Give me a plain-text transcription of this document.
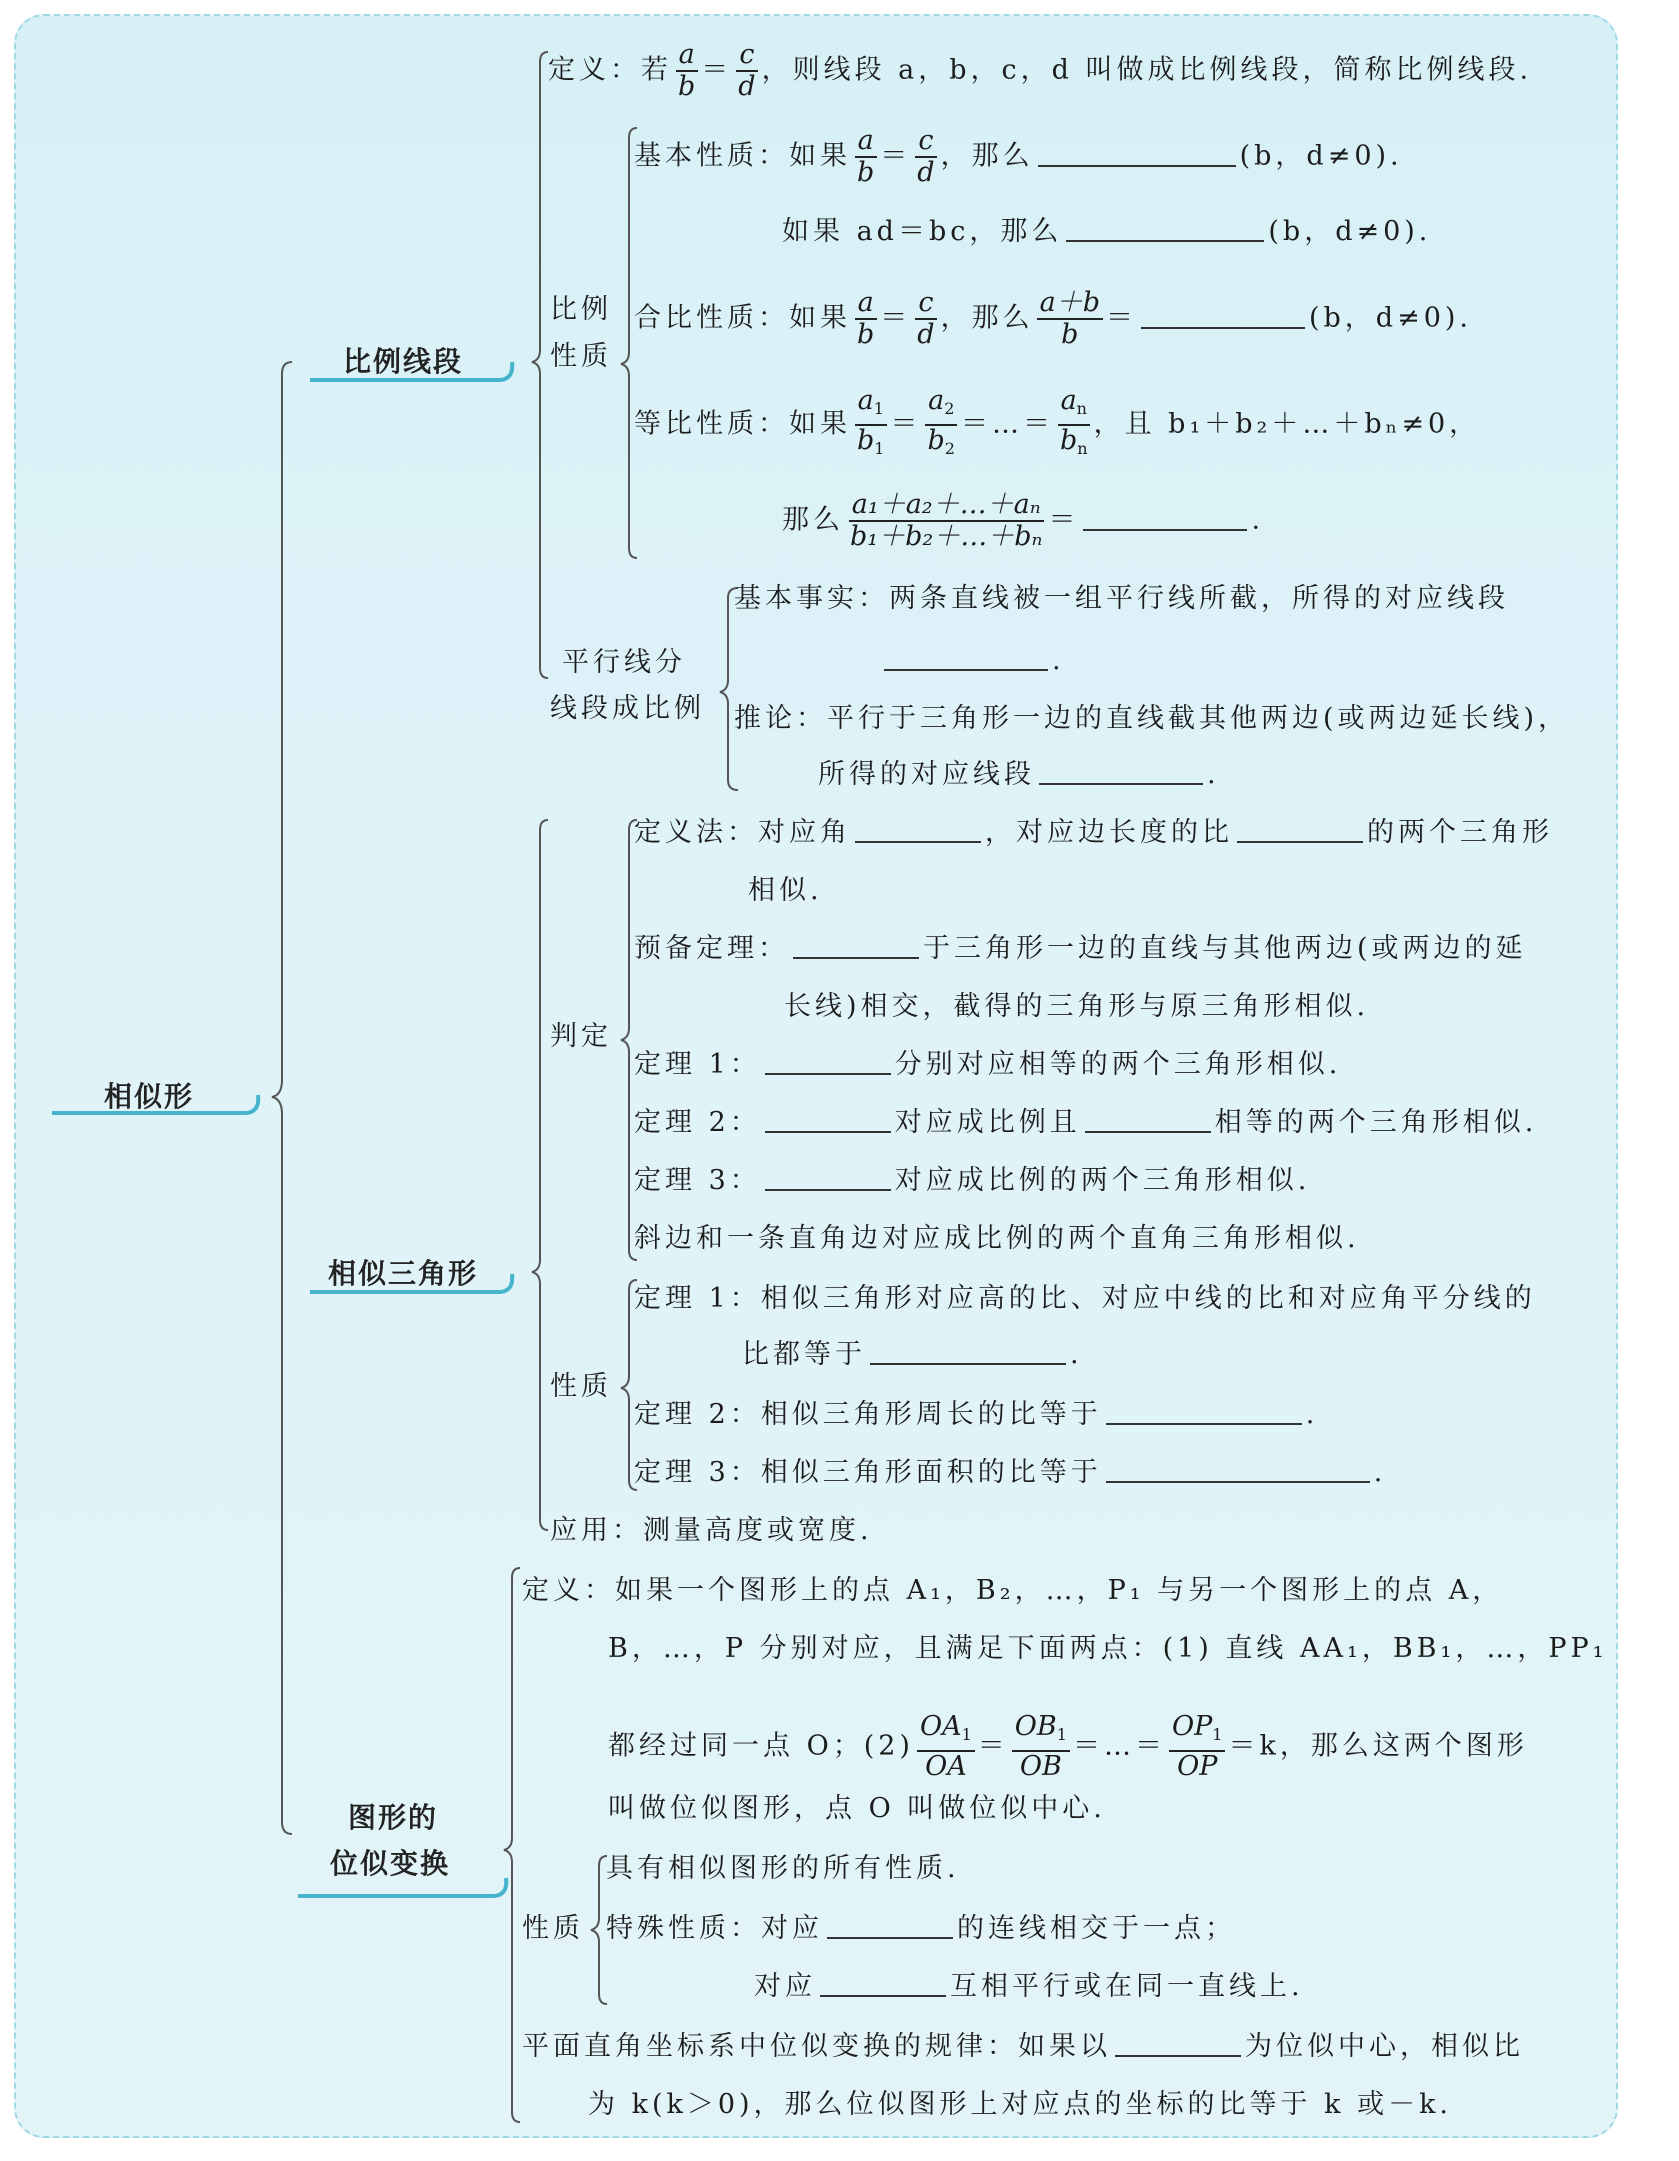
相似形
比例线段
相似三角形
图形的
位似变换
定义：若 $\frac{a}{b} = \frac{c}{d}$ ，则线段 a，b，c，d 叫做成比例线段，简称比例线段.
比例
性质
基本性质：如果 $\frac{a}{b} = \frac{c}{d}$ ，那么	(b，d≠0).
如果 ad＝bc，那么	(b，d≠0).
合比性质：如果 $\frac{a}{b} = \frac{c}{d}$ ，那么 $\frac{a+b}{b}$ ＝	(b，d≠0).
等比性质：如果 $\frac{a_1}{b_1} = \frac{a_2}{b_2}$ ＝…＝ $\frac{a_n}{b_n}$ ，且 b₁＋b₂＋…＋bₙ≠0，
那么 $\frac{\text{a₁＋a₂＋…＋aₙ}}{\text{b₁＋b₂＋…＋bₙ}}$ ＝	.
平行线分
线段成比例
基本事实：两条直线被一组平行线所截，所得的对应线段
.
推论：平行于三角形一边的直线截其他两边(或两边延长线)，
所得的对应线段	.
判定
定义法：对应角	，对应边长度的比	的两个三角形
相似.
预备定理：	于三角形一边的直线与其他两边(或两边的延
长线)相交，截得的三角形与原三角形相似.
定理 1：	分别对应相等的两个三角形相似.
定理 2：	对应成比例且	相等的两个三角形相似.
定理 3：	对应成比例的两个三角形相似.
斜边和一条直角边对应成比例的两个直角三角形相似.
性质
定理 1：相似三角形对应高的比、对应中线的比和对应角平分线的
比都等于	.
定理 2：相似三角形周长的比等于	.
定理 3：相似三角形面积的比等于	.
应用：测量高度或宽度.
定义：如果一个图形上的点 A₁，B₂，…，P₁ 与另一个图形上的点 A，
B，…，P 分别对应，且满足下面两点：(1) 直线 AA₁，BB₁，…，PP₁
都经过同一点 O；$(2) \frac{OA_1}{OA} = \frac{OB_1}{OB}$ ＝…＝ $\frac{OP_1}{OP} =k$，那么这两个图形
叫做位似图形，点 O 叫做位似中心.
性质
具有相似图形的所有性质.
特殊性质：对应	的连线相交于一点；
对应	互相平行或在同一直线上.
平面直角坐标系中位似变换的规律：如果以	为位似中心，相似比
为 k(k＞0)，那么位似图形上对应点的坐标的比等于 k 或－k.
